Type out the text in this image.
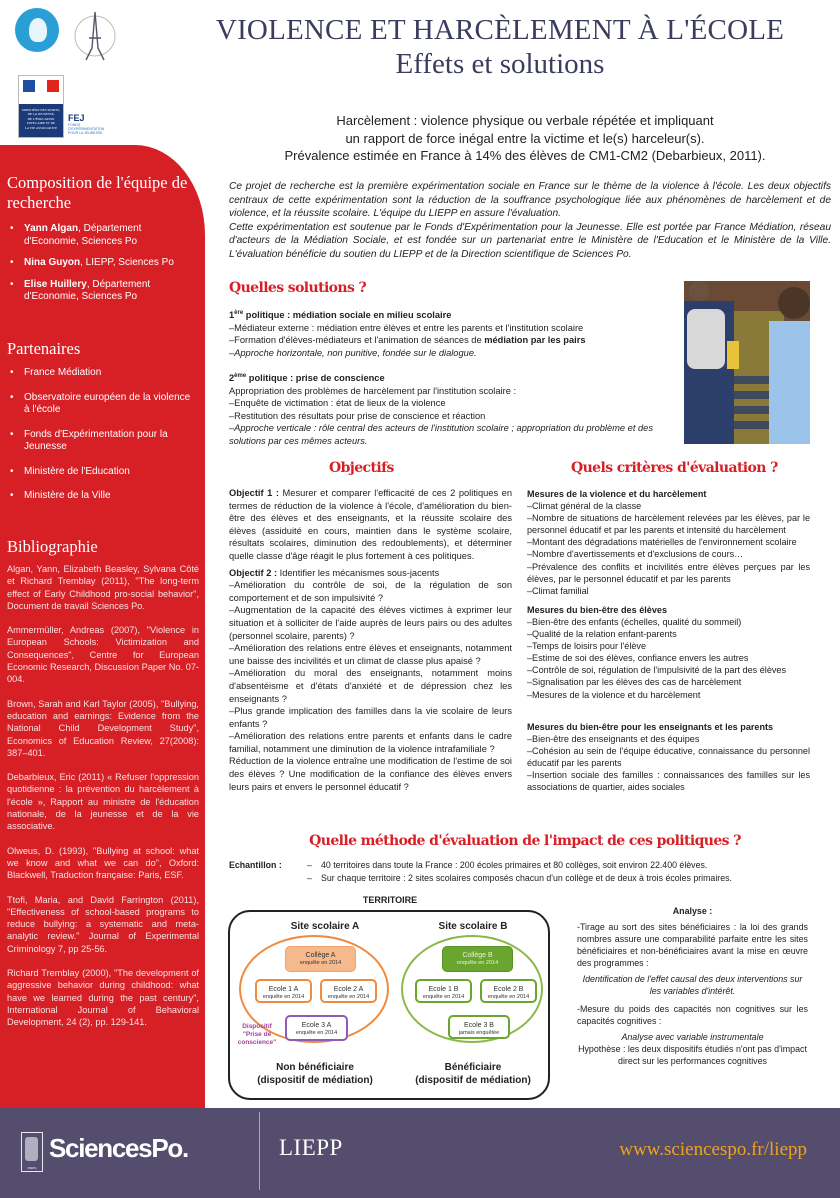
MINISTÈRE DES SPORTS,
DE LA JEUNESSE,
DE L'ÉDUCATION
POPULAIRE ET DE
LA VIE ASSOCIATIVE
FEJ
FONDS D'EXPÉRIMENTATION POUR LA JEUNESSE
Composition de l'équipe de recherche
• Yann Algan, Département d'Economie, Sciences Po
• Nina Guyon, LIEPP, Sciences Po
• Elise Huillery, Département d'Economie, Sciences Po
Partenaires
• France Médiation
• Observatoire européen de la violence à l'école
• Fonds d'Expérimentation pour la Jeunesse
• Ministère de l'Education
• Ministère de la Ville
Bibliographie

Algan, Yann, Elizabeth Beasley, Sylvana Côté et Richard Tremblay (2011), "The long-term effect of Early Childhood pro-social behavior", Document de travail Sciences Po.

Ammermüller, Andreas (2007), "Violence in European Schools: Victimization and Consequences", Centre for European Economic Research, Discussion Paper No. 07-004.

Brown, Sarah and Karl Taylor (2005), "Bullying, education and earnings: Evidence from the National Child Development Study", Economics of Education Review, 27(2008): 387–401.

Debarbieux, Eric (2011) « Refuser l'oppression quotidienne : la prévention du harcèlement à l'école », Rapport au ministre de l'éducation nationale, de la jeunesse et de la vie associative.

Olweus, D. (1993), "Bullying at school: what we know and what we can do", Oxford: Blackwell, Traduction française: Paris, ESF.

Ttofi, Maria, and David Farrington (2011), "Effectiveness of school-based programs to reduce bullying: a systematic and meta-analytic review." Journal of Experimental Criminology 7, pp 25-56.

Richard Tremblay (2000), "The development of aggressive behavior during childhood: what have we learned during the past century", International Journal of Behavioral Development, 24 (2), pp. 129-141.

VIOLENCE ET HARCÈLEMENT À L'ÉCOLE
Effets et solutions
Harcèlement : violence physique ou verbale répétée et impliquant
un rapport de force inégal entre la victime et le(s) harceleur(s).
Prévalence estimée en France à 14% des élèves de CM1-CM2 (Debarbieux, 2011).
Ce projet de recherche est la première expérimentation sociale en France sur le thème de la violence à l'école. Les deux objectifs centraux de cette expérimentation sont la réduction de la souffrance psychologique liée aux phénomènes de harcèlement et de violence, et la réussite scolaire. L'équipe du LIEPP en assure l'évaluation.
Cette expérimentation est soutenue par le Fonds d'Expérimentation pour la Jeunesse. Elle est portée par France Médiation, réseau d'acteurs de la Médiation Sociale, et est fondée sur un partenariat entre le Ministère de l'Education et le Ministère de la Ville. L'évaluation bénéficie du soutien du LIEPP et de la Direction scientifique de Sciences Po.
Quelles solutions ?
1ère politique : médiation sociale en milieu scolaire
–Médiateur externe : médiation entre élèves et entre les parents et l'institution scolaire
–Formation d'élèves-médiateurs et l'animation de séances de médiation par les pairs
–Approche horizontale, non punitive, fondée sur le dialogue.
2ème politique : prise de conscience
Appropriation des problèmes de harcèlement par l'institution scolaire :
–Enquête de victimation : état de lieux de la violence
–Restitution des résultats pour prise de conscience et réaction
–Approche verticale : rôle central des acteurs de l'institution scolaire ; appropriation du problème et des solutions par ces mêmes acteurs.
Objectifs

Objectif 1 : Mesurer et comparer l'efficacité de ces 2 politiques en termes de réduction de la violence à l'école, d'amélioration du bien-être des élèves et des enseignants, et la réussite scolaire des élèves (assiduité en cours, maintien dans le système scolaire, résultats scolaires, diminution des redoublements), et déterminer quelle classe d'âge réagit le plus fortement à ces politiques.

Objectif 2 : Identifier les mécanismes sous-jacents
–Amélioration du contrôle de soi, de la régulation de son comportement et de son impulsivité ?
–Augmentation de la capacité des élèves victimes à exprimer leur situation et à solliciter de l'aide auprès de leurs pairs ou des adultes (personnel scolaire, parents) ?
–Amélioration des relations entre élèves et enseignants, notamment une baisse des incivilités et un climat de classe plus apaisé ?
–Amélioration du moral des enseignants, notamment moins d'absentéisme et d'états d'anxiété et de dépression chez les enseignants ?
–Plus grande implication des familles dans la vie scolaire de leurs enfants ?
–Amélioration des relations entre parents et enfants dans le cadre familial, notamment une diminution de la violence intrafamiliale ?
Réduction de la violence entraîne une modification de l'estime de soi des élèves ? Une modification de la confiance des élèves envers leurs pairs et envers le personnel éducatif ?
Quels critères d'évaluation ?
Mesures de la violence et du harcèlement
–Climat général de la classe
–Nombre de situations de harcèlement relevées par les élèves, par le personnel éducatif et par les parents et intensité du harcèlement
–Montant des dégradations matérielles de l'environnement scolaire
–Nombre d'avertissements et d'exclusions de cours…
–Prévalence des conflits et incivilités entre élèves perçues par les élèves, par le personnel éducatif et par les parents
–Climat familial
Mesures du bien-être des élèves
–Bien-être des enfants (échelles, qualité du sommeil)
–Qualité de la relation enfant-parents
–Temps de loisirs pour l'élève
–Estime de soi des élèves, confiance envers les autres
–Contrôle de soi, régulation de l'impulsivité de la part des élèves
–Signalisation par les élèves des cas de harcèlement
–Mesures de la violence et du harcèlement
Mesures du bien-être pour les enseignants et les parents
–Bien-être des enseignants et des équipes
–Cohésion au sein de l'équipe éducative, connaissance du personnel éducatif par les parents
–Insertion sociale des familles : connaissances des familles sur les associations de quartier, aides sociales
Quelle méthode d'évaluation de l'impact de ces politiques ?
Echantillon :	– 40 territoires dans toute la France : 200 écoles primaires et 80 collèges, soit environ 22.400 élèves.
– Sur chaque territoire : 2 sites scolaires composés chacun d'un collège et de deux à trois écoles primaires.
TERRITOIRE
Site scolaire A	Site scolaire B
Collège A
enquête en 2014
Ecole 1 A
enquête en 2014
Ecole 2 A
enquête en 2014
Ecole 3 A
enquête en 2014
Dispositif "Prise de conscience"
Collège B
enquête en 2014
Ecole 1 B
enquête en 2014
Ecole 2 B
enquête en 2014
Ecole 3 B
jamais enquêtée
Non bénéficiaire
(dispositif de médiation)
Bénéficiaire
(dispositif de médiation)
Analyse :
-Tirage au sort des sites bénéficiaires : la loi des grands nombres assure une comparabilité parfaite entre les sites bénéficiaires et non-bénéficiaires avant la mise en œuvre des programmes :
Identification de l'effet causal des deux interventions sur les variables d'intérêt.
-Mesure du poids des capacités non cognitives sur les capacités cognitives :
Analyse avec variable instrumentale
Hypothèse : les deux dispositifs étudiés n'ont pas d'impact direct sur les performances cognitives
PARIS
SciencesPo.	LIEPP	www.sciencespo.fr/liepp
